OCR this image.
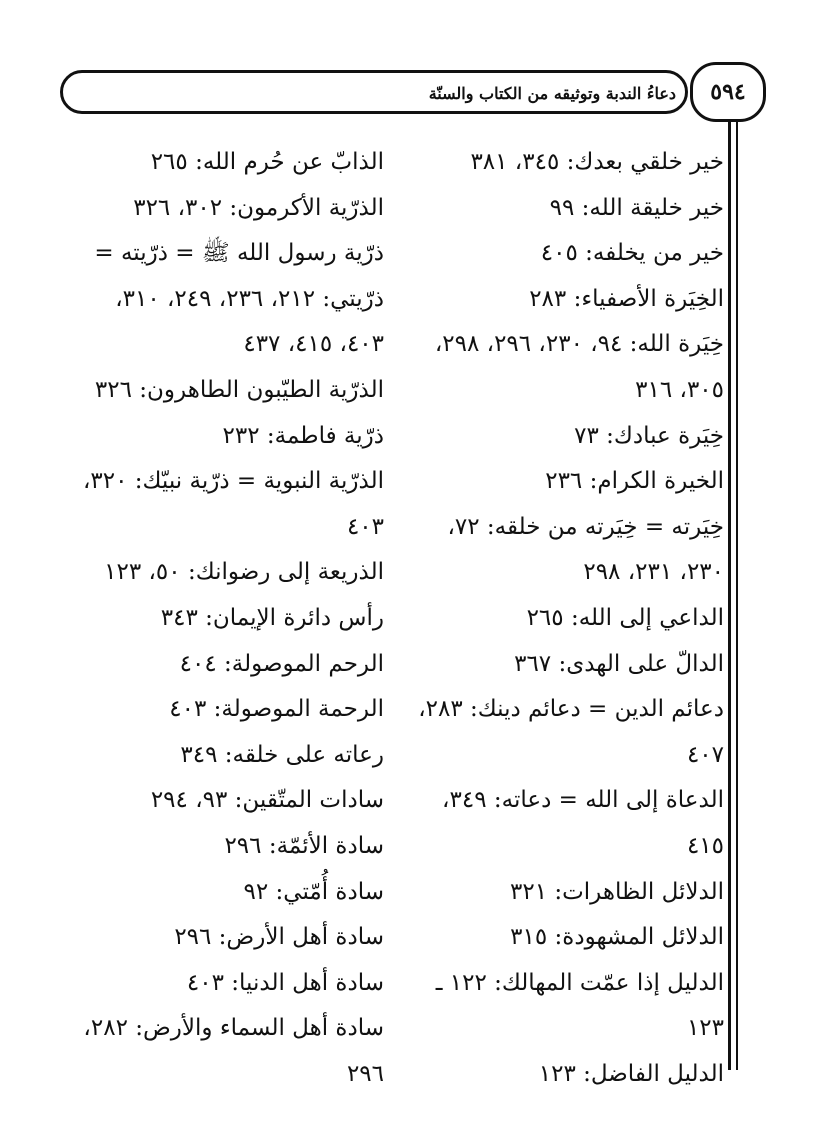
دعاءُ الندبة وتوثيقه من الكتاب والسنّة ٥٩٤

خير خلقي بعدك: ٣٤٥، ٣٨١

خير خليقة الله: ٩٩

خير من يخلفه: ٤٠٥

الخِيَرة الأصفياء: ٢٨٣

خِيَرة الله: ٩٤، ٢٣٠، ٢٩٦، ٢٩٨،

٣٠٥، ٣١٦

خِيَرة عبادك: ٧٣

الخيرة الكرام: ٢٣٦

خِيَرته = خِيَرته من خلقه: ٧٢،

٢٣٠، ٢٣١، ٢٩٨

الداعي إلى الله: ٢٦٥

الدالّ على الهدى: ٣٦٧

دعائم الدين = دعائم دينك: ٢٨٣،

٤٠٧

الدعاة إلى الله = دعاته: ٣٤٩، ٤١٥

الدلائل الظاهرات: ٣٢١

الدلائل المشهودة: ٣١٥

الدليل إذا عمّت المهالك: ١٢٢ ـ

١٢٣

الدليل الفاضل: ١٢٣

الذابّ عن حُرم الله: ٢٦٥

الذرّية الأكرمون: ٣٠٢، ٣٢٦

ذرّية رسول الله ﷺ = ذرّيته =

ذرّيتي: ٢١٢، ٢٣٦، ٢٤٩، ٣١٠،

٤٠٣، ٤١٥، ٤٣٧

الذرّية الطيّبون الطاهرون: ٣٢٦

ذرّية فاطمة: ٢٣٢

الذرّية النبوية = ذرّية نبيّك: ٣٢٠،

٤٠٣

الذريعة إلى رضوانك: ٥٠، ١٢٣

رأس دائرة الإيمان: ٣٤٣

الرحم الموصولة: ٤٠٤

الرحمة الموصولة: ٤٠٣

رعاته على خلقه: ٣٤٩

سادات المتّقين: ٩٣، ٢٩٤

سادة الأئمّة: ٢٩٦

سادة أُمّتي: ٩٢

سادة أهل الأرض: ٢٩٦

سادة أهل الدنيا: ٤٠٣

سادة أهل السماء والأرض: ٢٨٢،

٢٩٦
